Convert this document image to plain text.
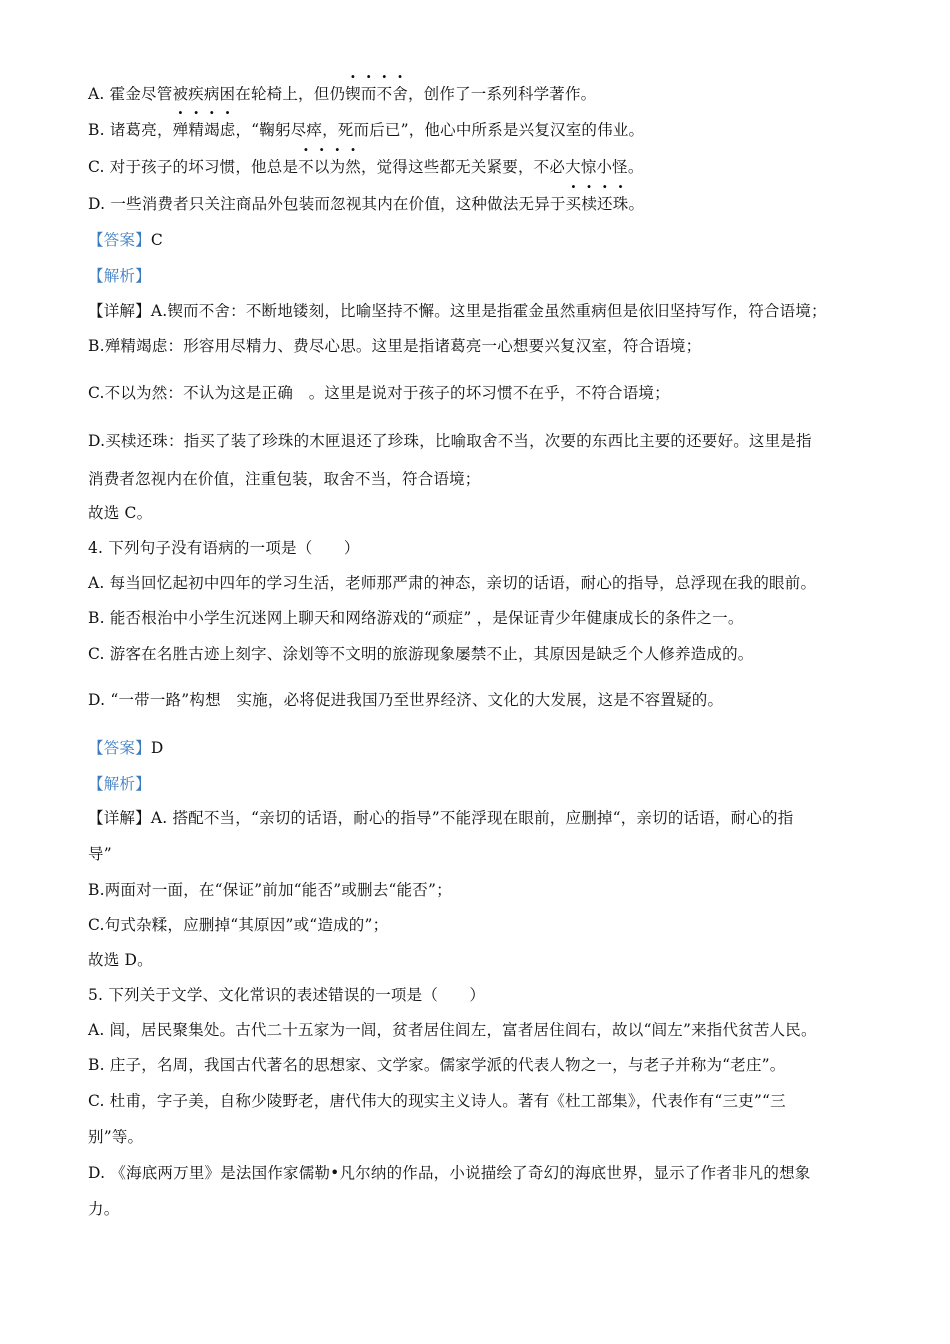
A. 霍金尽管被疾病困在轮椅上，但仍锲而不舍，创作了一系列科学著作。
B. 诸葛亮，殚精竭虑，“鞠躬尽瘁，死而后已”，他心中所系是兴复汉室的伟业。
C. 对于孩子的坏习惯，他总是不以为然，觉得这些都无关紧要，不必大惊小怪。
D. 一些消费者只关注商品外包装而忽视其内在价值，这种做法无异于买椟还珠。
【答案】C
【解析】
【详解】A.锲而不舍：不断地镂刻，比喻坚持不懈。这里是指霍金虽然重病但是依旧坚持写作，符合语境；
B.殚精竭虑：形容用尽精力、费尽心思。这里是指诸葛亮一心想要兴复汉室，符合语境；
C.不以为然：不认为这是正确　。这里是说对于孩子的坏习惯不在乎，不符合语境；
D.买椟还珠：指买了装了珍珠的木匣退还了珍珠，比喻取舍不当，次要的东西比主要的还要好。这里是指
消费者忽视内在价值，注重包装，取舍不当，符合语境；
故选 C。
4. 下列句子没有语病的一项是（　　）
A. 每当回忆起初中四年的学习生活，老师那严肃的神态，亲切的话语，耐心的指导，总浮现在我的眼前。
B. 能否根治中小学生沉迷网上聊天和网络游戏的“顽症” ，是保证青少年健康成长的条件之一。
C. 游客在名胜古迹上刻字、涂划等不文明的旅游现象屡禁不止，其原因是缺乏个人修养造成的。
D. “一带一路”构想　实施，必将促进我国乃至世界经济、文化的大发展，这是不容置疑的。
【答案】D
【解析】
【详解】A. 搭配不当，“亲切的话语，耐心的指导”不能浮现在眼前，应删掉“，亲切的话语，耐心的指
导”
B.两面对一面，在“保证”前加“能否”或删去“能否”；
C.句式杂糅，应删掉“其原因”或“造成的”；
故选 D。
5. 下列关于文学、文化常识的表述错误的一项是（　　）
A. 闾，居民聚集处。古代二十五家为一闾，贫者居住闾左，富者居住闾右，故以“闾左”来指代贫苦人民。
B. 庄子，名周，我国古代著名的思想家、文学家。儒家学派的代表人物之一，与老子并称为“老庄”。
C. 杜甫，字子美，自称少陵野老，唐代伟大的现实主义诗人。著有《杜工部集》，代表作有“三吏”“三
别”等。
D. 《海底两万里》是法国作家儒勒•凡尔纳的作品，小说描绘了奇幻的海底世界，显示了作者非凡的想象
力。
